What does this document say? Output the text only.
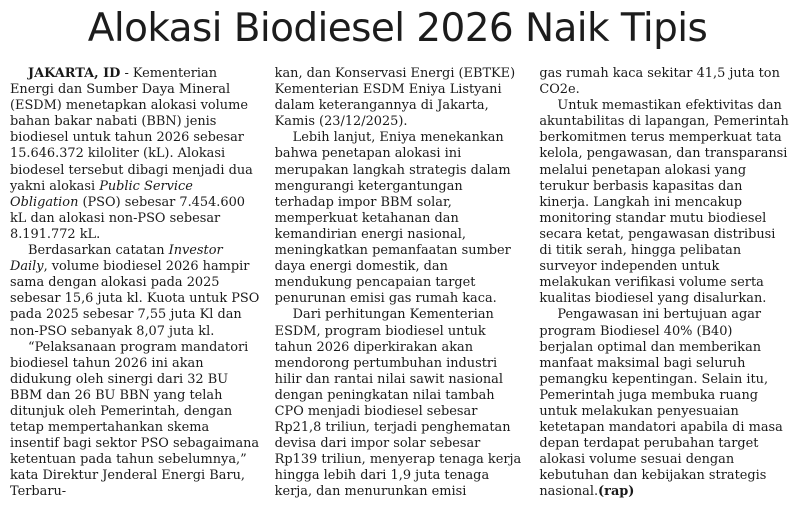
Alokasi Biodiesel 2026 Naik Tipis

JAKARTA, ID - Kementerian Energi dan Sumber Daya Mineral (ESDM) menetapkan alokasi volume bahan bakar nabati (BBN) jenis biodiesel untuk tahun 2026 sebesar 15.646.372 kiloliter (kL). Alokasi biodesel tersebut dibagi menjadi dua yakni alokasi Public Service Obligation (PSO) sebesar 7.454.600 kL dan alokasi non-PSO sebesar 8.191.772 kL.

Berdasarkan catatan Investor Daily, volume biodiesel 2026 hampir sama dengan alokasi pada 2025 sebesar 15,6 juta kl. Kuota untuk PSO pada 2025 sebesar 7,55 juta Kl dan non-PSO sebanyak 8,07 juta kl.

“Pelaksanaan program mandatori biodiesel tahun 2026 ini akan didukung oleh sinergi dari 32 BU BBM dan 26 BU BBN yang telah ditunjuk oleh Pemerintah, dengan tetap mempertahankan skema insentif bagi sektor PSO sebagaimana ketentuan pada tahun sebelumnya,” kata Direktur Jenderal Energi Baru, Terbaru-

kan, dan Konservasi Energi (EBTKE) Kementerian ESDM Eniya Listyani dalam keterangannya di Jakarta, Kamis (23/12/2025).

Lebih lanjut, Eniya menekankan bahwa penetapan alokasi ini merupakan langkah strategis dalam mengurangi ketergantungan terhadap impor BBM solar, memperkuat ketahanan dan kemandirian energi nasional, meningkatkan pemanfaatan sumber daya energi domestik, dan mendukung pencapaian target penurunan emisi gas rumah kaca.

Dari perhitungan Kementerian ESDM, program biodiesel untuk tahun 2026 diperkirakan akan mendorong pertumbuhan industri hilir dan rantai nilai sawit nasional dengan peningkatan nilai tambah CPO menjadi biodiesel sebesar Rp21,8 triliun, terjadi penghematan devisa dari impor solar sebesar Rp139 triliun, menyerap tenaga kerja hingga lebih dari 1,9 juta tenaga kerja, dan menurunkan emisi

gas rumah kaca sekitar 41,5 juta ton CO2e.

Untuk memastikan efektivitas dan akuntabilitas di lapangan, Pemerintah berkomitmen terus memperkuat tata kelola, pengawasan, dan transparansi melalui penetapan alokasi yang terukur berbasis kapasitas dan kinerja. Langkah ini mencakup monitoring standar mutu biodiesel secara ketat, pengawasan distribusi di titik serah, hingga pelibatan surveyor independen untuk melakukan verifikasi volume serta kualitas biodiesel yang disalurkan.

Pengawasan ini bertujuan agar program Biodiesel 40% (B40) berjalan optimal dan memberikan manfaat maksimal bagi seluruh pemangku kepentingan. Selain itu, Pemerintah juga membuka ruang untuk melakukan penyesuaian ketetapan mandatori apabila di masa depan terdapat perubahan target alokasi volume sesuai dengan kebutuhan dan kebijakan strategis nasional.(rap)
